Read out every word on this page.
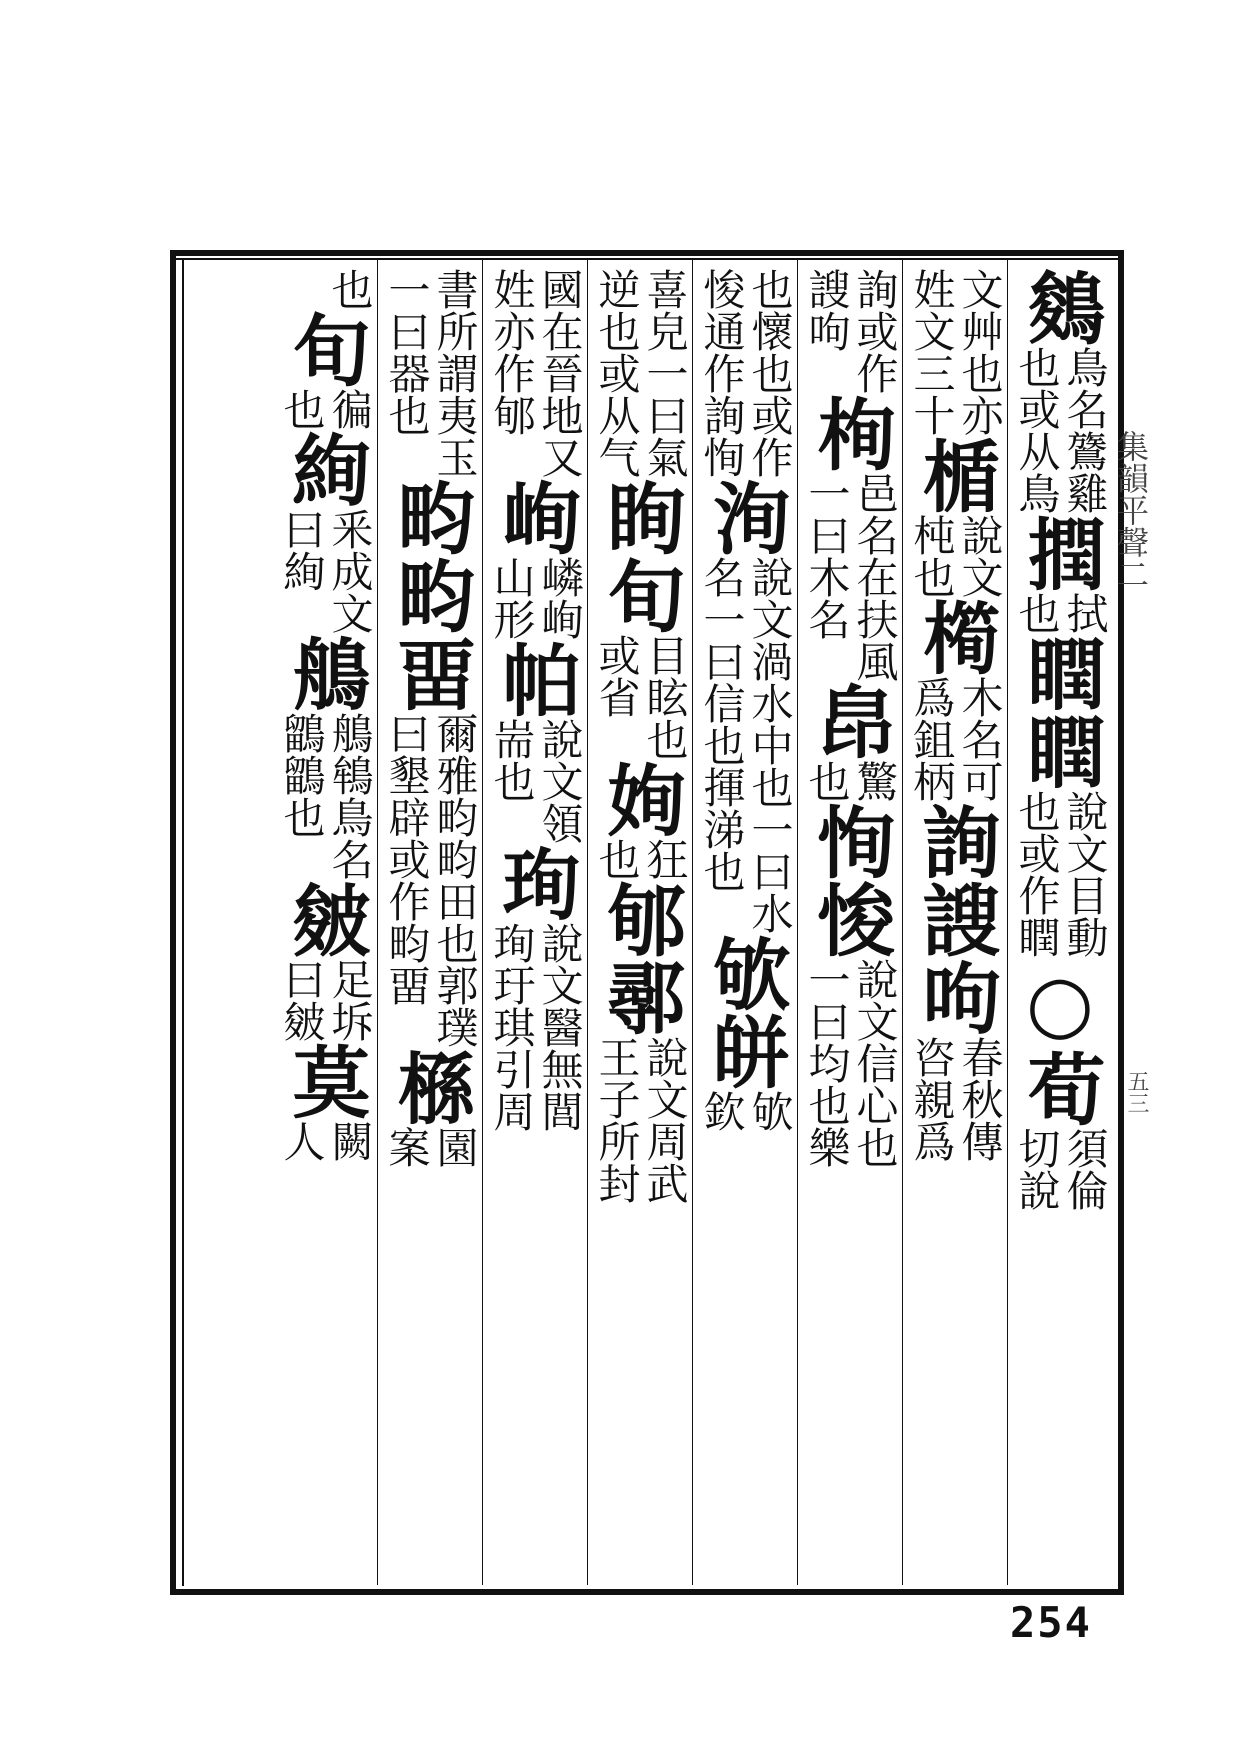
鵕
鳥名鷟雞
也或从鳥
撋
拭
也
瞤瞤
說文目動
也或作瞤
○荀
須倫
切說
文艸也亦
姓文三十
楯
說文
杶也
橁
木名可
爲鉏柄
詢謏呴
春秋傳
咨親爲
詢或作
謏呴
栒
邑名在扶風
一曰木名
皍
驚
也
恂悛
說文信心也
一曰均也樂
也懷也或作
悛通作詢恂
洵
說文渦水中也一曰水
名一曰信也揮涕也
欨皏
欨
欽
喜皃一曰氣
逆也或从气
眴旬
目眩也
或省
姰
狂
也
郇鄩
說文周武
王子所封
國在晉地又
姓亦作郇
峋
嶙峋
山形
帕
說文領
耑也
珣
說文醫無閭
珣玗琪引周
書所謂夷玉
一曰器也
畇畇畱
爾雅畇畇田也郭璞
曰墾辟或作畇畱
槂
園
案
也
旬
徧
也
絢
釆成文
曰絢
鵃
鵃鴾鳥名
鶹鶹也
皴
足坼
曰皴
莫
闕
人
集韻平聲二
五三
254
